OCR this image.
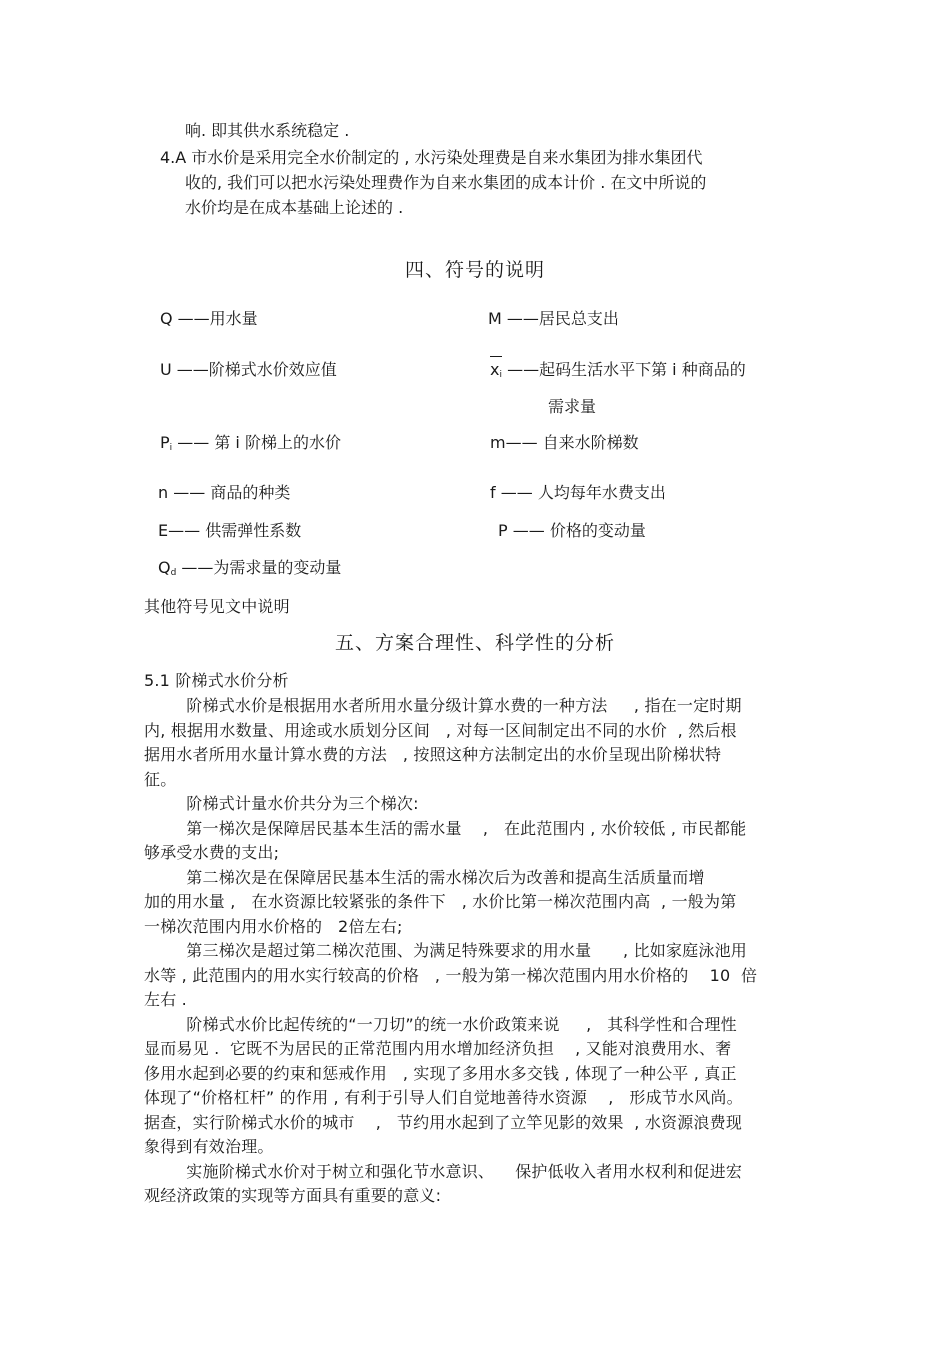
响. 即其供水系统稳定 .
4.A 市水价是采用完全水价制定的 , 水污染处理费是自来水集团为排水集团代
收的, 我们可以把水污染处理费作为自来水集团的成本计价 . 在文中所说的
水价均是在成本基础上论述的 .
四、符号的说明
Q ——用水量	M ——居民总支出
U ——阶梯式水价效应值	$x_i$ ——起码生活水平下第 i 种商品的
需求量
$P_i$ —— 第 i 阶梯上的水价	m—— 自来水阶梯数
n —— 商品的种类	f —— 人均每年水费支出
E—— 供需弹性系数	P —— 价格的变动量
$Q_d$ ——为需求量的变动量
其他符号见文中说明
五、方案合理性、科学性的分析
5.1 阶梯式水价分析
阶梯式水价是根据用水者所用水量分级计算水费的一种方法     , 指在一定时期
内, 根据用水数量、用途或水质划分区间   , 对每一区间制定出不同的水价  , 然后根
据用水者所用水量计算水费的方法   , 按照这种方法制定出的水价呈现出阶梯状特
征。
阶梯式计量水价共分为三个梯次:
第一梯次是保障居民基本生活的需水量    ,   在此范围内 , 水价较低 , 市民都能
够承受水费的支出;
第二梯次是在保障居民基本生活的需水梯次后为改善和提高生活质量而增
加的用水量 ,   在水资源比较紧张的条件下   , 水价比第一梯次范围内高  , 一般为第
一梯次范围内用水价格的   2倍左右;
第三梯次是超过第二梯次范围、为满足特殊要求的用水量      , 比如家庭泳池用
水等 , 此范围内的用水实行较高的价格   , 一般为第一梯次范围内用水价格的    10  倍
左右 .
阶梯式水价比起传统的“一刀切”的统一水价政策来说     ,   其科学性和合理性
显而易见 .  它既不为居民的正常范围内用水增加经济负担    , 又能对浪费用水、奢
侈用水起到必要的约束和惩戒作用   , 实现了多用水多交钱 , 体现了一种公平 , 真正
体现了“价格杠杆” 的作用 , 有利于引导人们自觉地善待水资源    ,   形成节水风尚。
据查，实行阶梯式水价的城市    ,   节约用水起到了立竿见影的效果  , 水资源浪费现
象得到有效治理。
实施阶梯式水价对于树立和强化节水意识、    保护低收入者用水权利和促进宏
观经济政策的实现等方面具有重要的意义:
